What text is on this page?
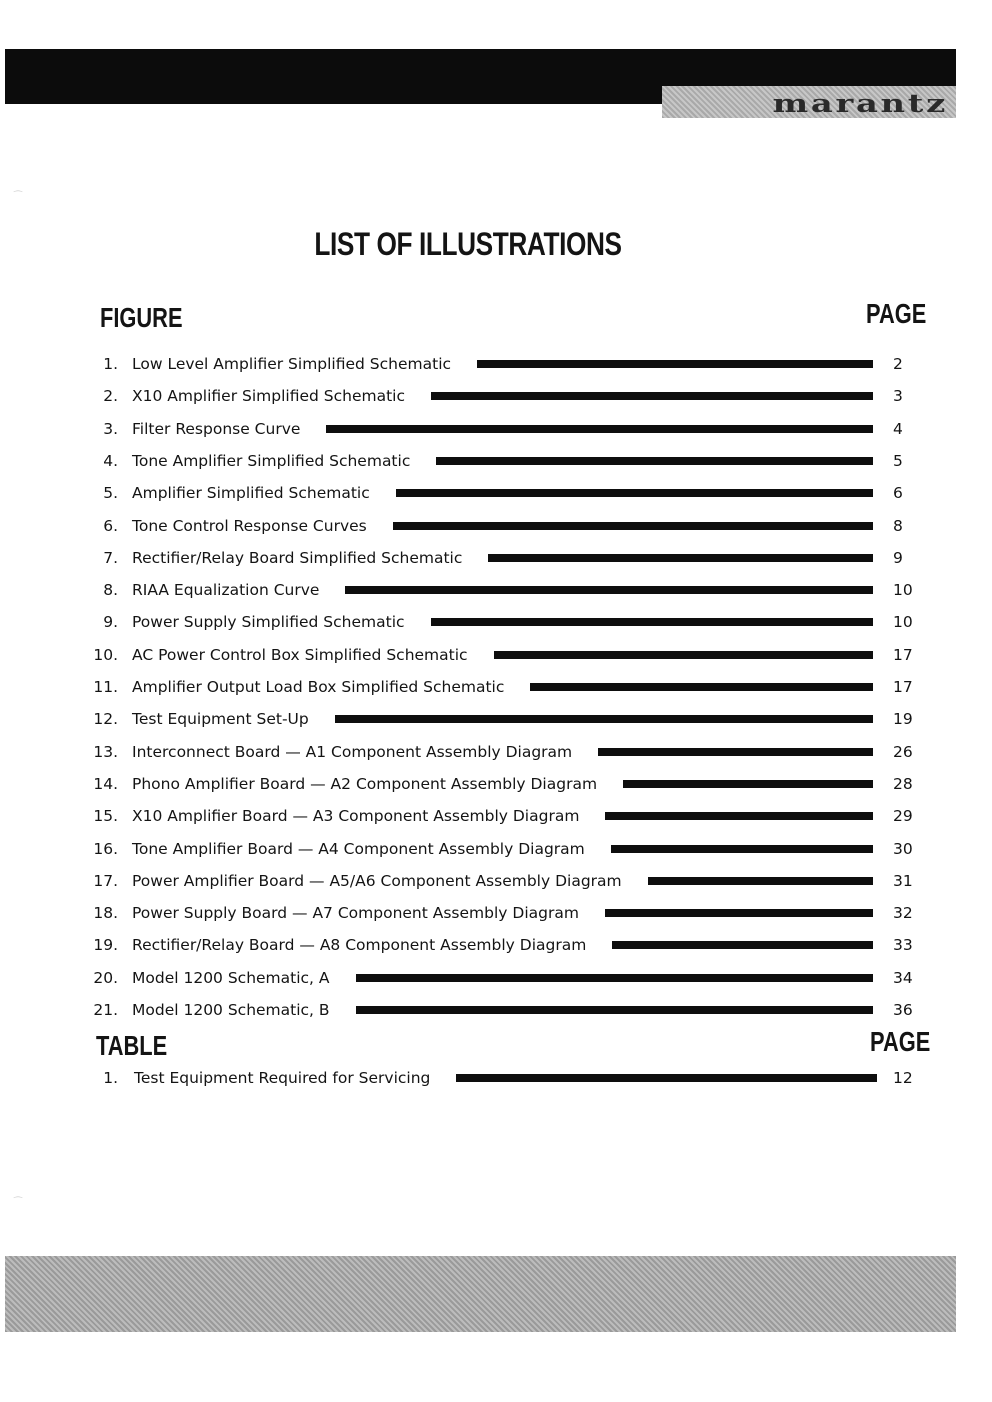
marantz
⁔
⁔
LIST OF ILLUSTRATIONS
FIGURE	PAGE
1. Low Level Amplifier Simplified Schematic	2
2. X10 Amplifier Simplified Schematic	3
3. Filter Response Curve	4
4. Tone Amplifier Simplified Schematic	5
5. Amplifier Simplified Schematic	6
6. Tone Control Response Curves	8
7. Rectifier/Relay Board Simplified Schematic	9
8. RIAA Equalization Curve	10
9. Power Supply Simplified Schematic	10
10. AC Power Control Box Simplified Schematic	17
11. Amplifier Output Load Box Simplified Schematic	17
12. Test Equipment Set-Up	19
13. Interconnect Board — A1 Component Assembly Diagram	26
14. Phono Amplifier Board — A2 Component Assembly Diagram	28
15. X10 Amplifier Board — A3 Component Assembly Diagram	29
16. Tone Amplifier Board — A4 Component Assembly Diagram	30
17. Power Amplifier Board — A5/A6 Component Assembly Diagram	31
18. Power Supply Board — A7 Component Assembly Diagram	32
19. Rectifier/Relay Board — A8 Component Assembly Diagram	33
20. Model 1200 Schematic, A	34
21. Model 1200 Schematic, B	36
TABLE	PAGE
1. Test Equipment Required for Servicing	12
